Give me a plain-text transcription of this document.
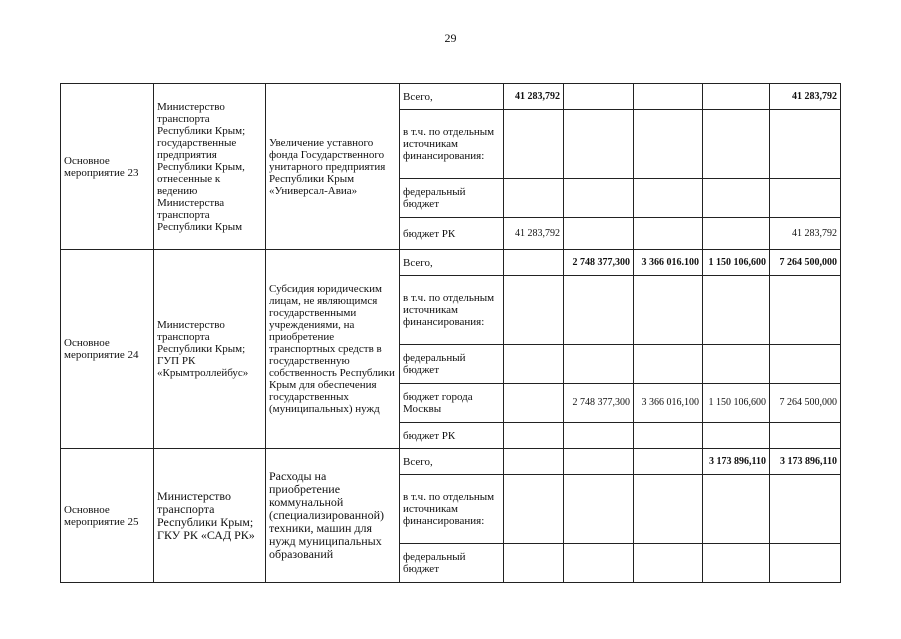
29
Основное мероприятие 23	Министерство транспорта Республики Крым; государственные предприятия Республики Крым, отнесенные к ведению Министерства транспорта Республики Крым	Увеличение уставного фонда Государственного унитарного предприятия Республики Крым «Универсал-Авиа»	Всего,	41 283,792				41 283,792
			в т.ч. по отдельным источникам финансирования:					
			федеральный бюджет					
			бюджет РК	41 283,792				41 283,792
Основное мероприятие 24	Министерство транспорта Республики Крым; ГУП РК «Крымтроллейбус»	Субсидия юридическим лицам, не являющимся государственными учреждениями, на приобретение транспортных средств в государственную собственность Республики Крым для обеспечения государственных (муниципальных) нужд	Всего,		2 748 377,300	3 366 016.100	1 150 106,600	7 264 500,000
			в т.ч. по отдельным источникам финансирования:					
			федеральный бюджет					
			бюджет города Москвы		2 748 377,300	3 366 016,100	1 150 106,600	7 264 500,000
			бюджет РК					
Основное мероприятие 25	Министерство транспорта Республики Крым; ГКУ РК «САД РК»	Расходы на приобретение коммунальной (специализированной) техники, машин для нужд муниципальных образований	Всего,				3 173 896,110	3 173 896,110
			в т.ч. по отдельным источникам финансирования:					
			федеральный бюджет					
